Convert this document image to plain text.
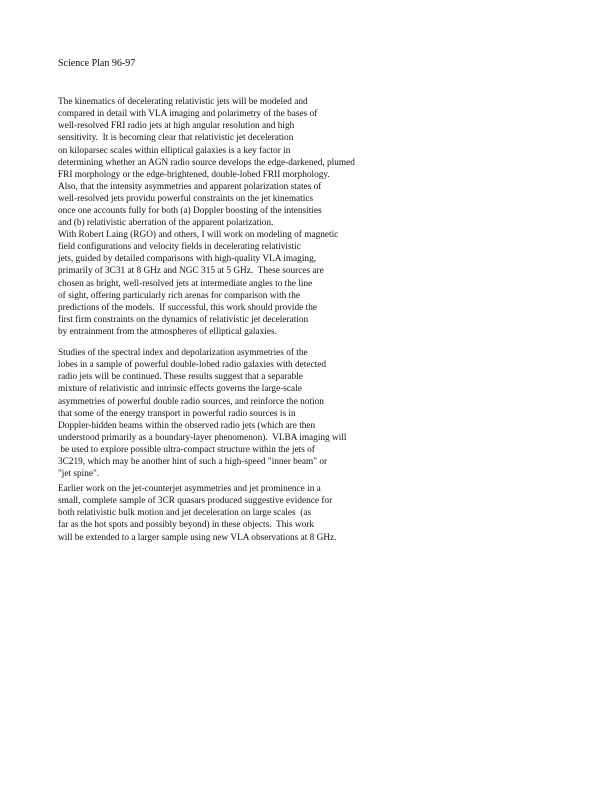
Science Plan 96-97
The kinematics of decelerating relativistic jets will be modeled and
compared in detail with VLA imaging and polarimetry of the bases of
well-resolved FRI radio jets at high angular resolution and high
sensitivity.  It is becoming clear that relativistic jet deceleration
on kiloparsec scales within elliptical galaxies is a key factor in
determining whether an AGN radio source develops the edge-darkened, plumed
FRI morphology or the edge-brightened, double-lobed FRII morphology.
Also, that the intensity asymmetries and apparent polarization states of
well-resolved jets providu powerful constraints on the jet kinematics
once one accounts fully for both (a) Doppler boosting of the intensities
and (b) relativistic aberration of the apparent polarization.
With Robert Laing (RGO) and others, I will work on modeling of magnetic
field configurations and velocity fields in decelerating relativistic
jets, guided by detailed comparisons with high-quality VLA imaging,
primarily of 3C31 at 8 GHz and NGC 315 at 5 GHz.  These sources are
chosen as bright, well-resolved jets at intermediate angles to the line
of sight, offering particularly rich arenas for comparison with the
predictions of the models.  If successful, this work should provide the
first firm constraints on the dynamics of relativistic jet deceleration
by entrainment from the atmospheres of elliptical galaxies.
Studies of the spectral index and depolarization asymmetries of the
lobes in a sample of powerful double-lobed radio galaxies with detected
radio jets will be continued. These results suggest that a separable
mixture of relativistic and intrinsic effects governs the large-scale
asymmetries of powerful double radio sources, and reinforce the notion
that some of the energy transport in powerful radio sources is in
Doppler-hidden beams within the observed radio jets (which are then
understood primarily as a boundary-layer phenomenon).  VLBA imaging will
be used to explore possible ultra-compact structure within the jets of
3C219, which may be another hint of such a high-speed "inner beam" or
"jet spine".
Earlier work on the jet-counterjet asymmetries and jet prominence in a
small, complete sample of 3CR quasars produced suggestive evidence for
both relativistic bulk motion and jet deceleration on large scales  (as
far as the hot spots and possibly beyond) in these objects.  This work
will be extended to a larger sample using new VLA observations at 8 GHz.
